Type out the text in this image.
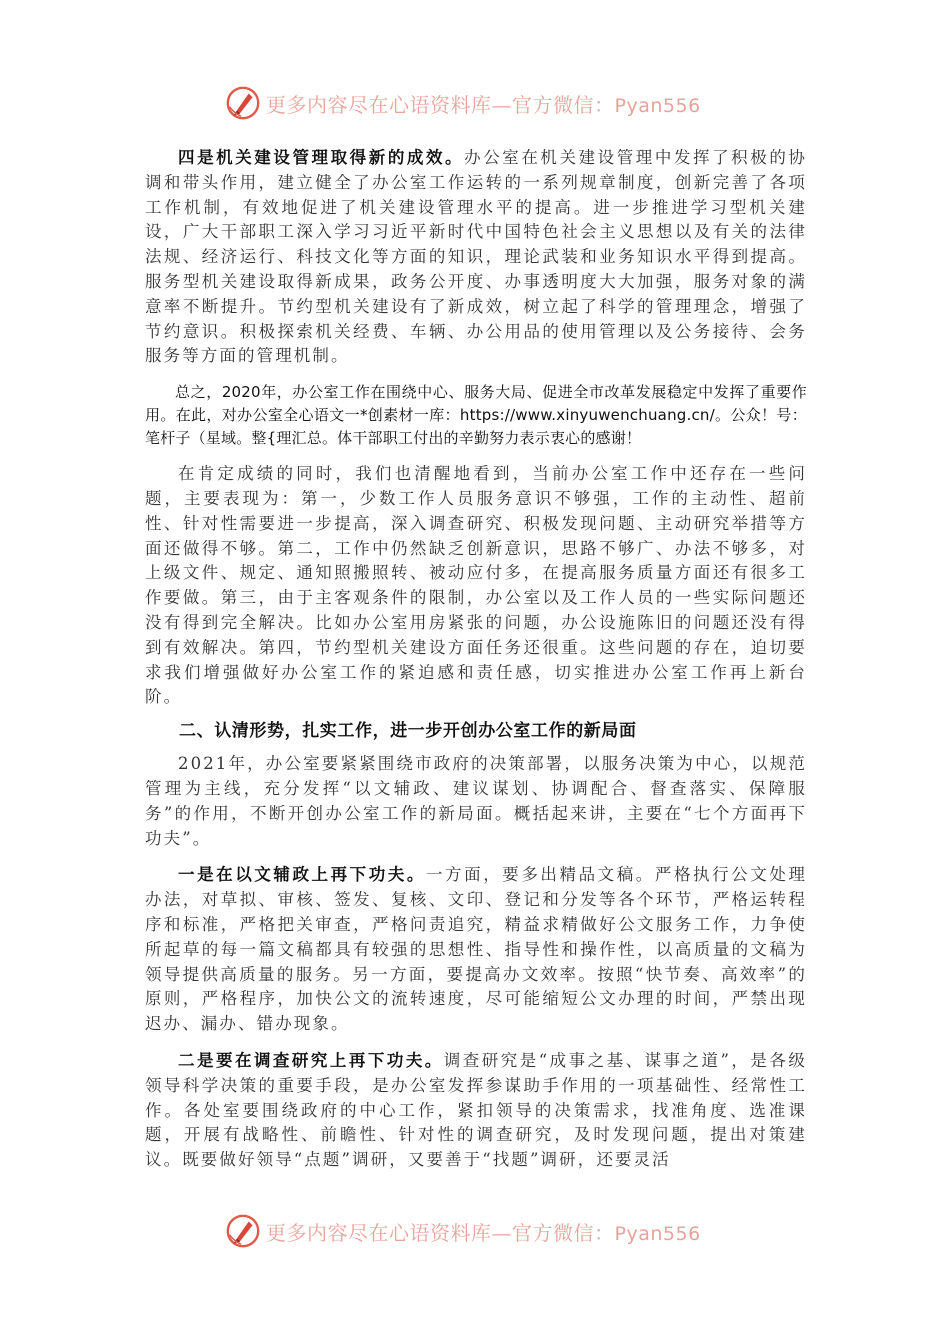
更多内容尽在心语资料库—官方微信：Pyan556

四是机关建设管理取得新的成效。办公室在机关建设管理中发挥了积极的协调和带头作用，建立健全了办公室工作运转的一系列规章制度，创新完善了各项工作机制，有效地促进了机关建设管理水平的提高。进一步推进学习型机关建设，广大干部职工深入学习习近平新时代中国特色社会主义思想以及有关的法律法规、经济运行、科技文化等方面的知识，理论武装和业务知识水平得到提高。服务型机关建设取得新成果，政务公开度、办事透明度大大加强，服务对象的满意率不断提升。节约型机关建设有了新成效，树立起了科学的管理理念，增强了节约意识。积极探索机关经费、车辆、办公用品的使用管理以及公务接待、会务服务等方面的管理机制。

总之，2020年，办公室工作在围绕中心、服务大局、促进全市改革发展稳定中发挥了重要作用。在此，对办公室全心语文一*创素材一库：https://www.xinyuwenchuang.cn/。公众！号：笔杆子（星域。整{理汇总。体干部职工付出的辛勤努力表示衷心的感谢！

在肯定成绩的同时，我们也清醒地看到，当前办公室工作中还存在一些问题，主要表现为：第一，少数工作人员服务意识不够强，工作的主动性、超前性、针对性需要进一步提高，深入调查研究、积极发现问题、主动研究举措等方面还做得不够。第二，工作中仍然缺乏创新意识，思路不够广、办法不够多，对上级文件、规定、通知照搬照转、被动应付多，在提高服务质量方面还有很多工作要做。第三，由于主客观条件的限制，办公室以及工作人员的一些实际问题还没有得到完全解决。比如办公室用房紧张的问题，办公设施陈旧的问题还没有得到有效解决。第四，节约型机关建设方面任务还很重。这些问题的存在，迫切要求我们增强做好办公室工作的紧迫感和责任感，切实推进办公室工作再上新台阶。

二、认清形势，扎实工作，进一步开创办公室工作的新局面

2021年，办公室要紧紧围绕市政府的决策部署，以服务决策为中心，以规范管理为主线，充分发挥“以文辅政、建议谋划、协调配合、督查落实、保障服务”的作用，不断开创办公室工作的新局面。概括起来讲，主要在“七个方面再下功夫”。

一是在以文辅政上再下功夫。一方面，要多出精品文稿。严格执行公文处理办法，对草拟、审核、签发、复核、文印、登记和分发等各个环节，严格运转程序和标准，严格把关审查，严格问责追究，精益求精做好公文服务工作，力争使所起草的每一篇文稿都具有较强的思想性、指导性和操作性，以高质量的文稿为领导提供高质量的服务。另一方面，要提高办文效率。按照“快节奏、高效率”的原则，严格程序，加快公文的流转速度，尽可能缩短公文办理的时间，严禁出现迟办、漏办、错办现象。

二是要在调查研究上再下功夫。调查研究是“成事之基、谋事之道”，是各级领导科学决策的重要手段，是办公室发挥参谋助手作用的一项基础性、经常性工作。各处室要围绕政府的中心工作，紧扣领导的决策需求，找准角度、选准课题，开展有战略性、前瞻性、针对性的调查研究，及时发现问题，提出对策建议。既要做好领导“点题”调研，又要善于“找题”调研，还要灵活

更多内容尽在心语资料库—官方微信：Pyan556
